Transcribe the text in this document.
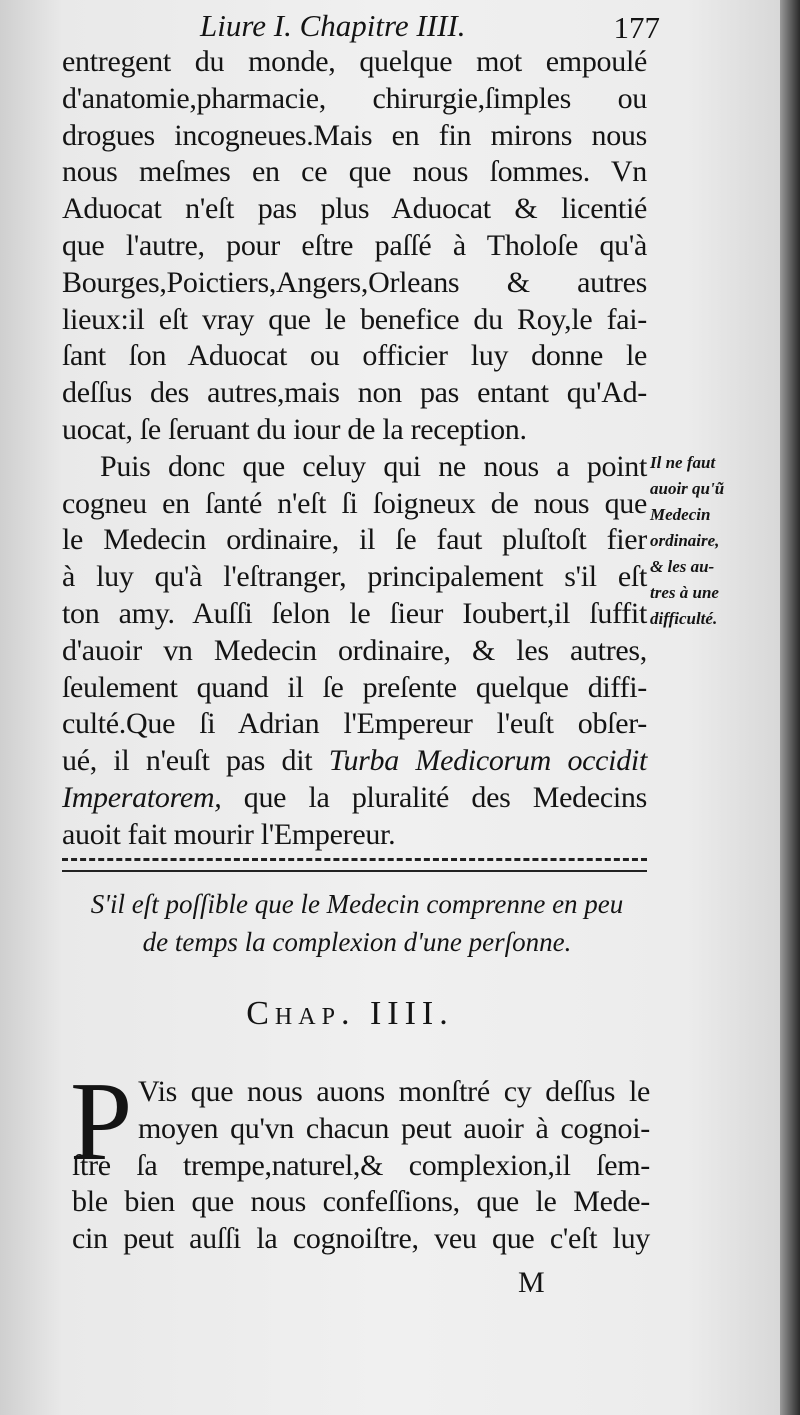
Liure I. Chapitre IIII.	177
entregent du monde, quelque mot empoulé
d'anatomie,pharmacie, chirurgie,ſimples ou
drogues incogneues.Mais en fin mirons nous
nous meſmes en ce que nous ſommes. Vn
Aduocat n'eſt pas plus Aduocat & licentié
que l'autre, pour eſtre paſſé à Tholoſe qu'à
Bourges,Poictiers,Angers,Orleans & autres
lieux:il eſt vray que le benefice du Roy,le fai-
ſant ſon Aduocat ou officier luy donne le
deſſus des autres,mais non pas entant qu'Ad-
uocat, ſe ſeruant du iour de la reception.
Puis donc que celuy qui ne nous a point
cogneu en ſanté n'eſt ſi ſoigneux de nous que
le Medecin ordinaire, il ſe faut pluſtoſt fier
à luy qu'à l'eſtranger, principalement s'il eſt
ton amy. Auſſi ſelon le ſieur Ioubert,il ſuffit
d'auoir vn Medecin ordinaire, & les autres,
ſeulement quand il ſe preſente quelque diffi-
culté.Que ſi Adrian l'Empereur l'euſt obſer-
ué, il n'euſt pas dit Turba Medicorum occidit
Imperatorem, que la pluralité des Medecins
auoit fait mourir l'Empereur.
Il ne faut
auoir qu'ũ
Medecin
ordinaire,
& les au-
tres à une
difficulté.
S'il eſt poſſible que le Medecin comprenne en peu
de temps la complexion d'une perſonne.
Chap. IIII.
P Vis que nous auons monſtré cy deſſus le
moyen qu'vn chacun peut auoir à cognoi-
ſtre ſa trempe,naturel,& complexion,il ſem-
ble bien que nous confeſſions, que le Mede-
cin peut auſſi la cognoiſtre, veu que c'eſt luy
M
